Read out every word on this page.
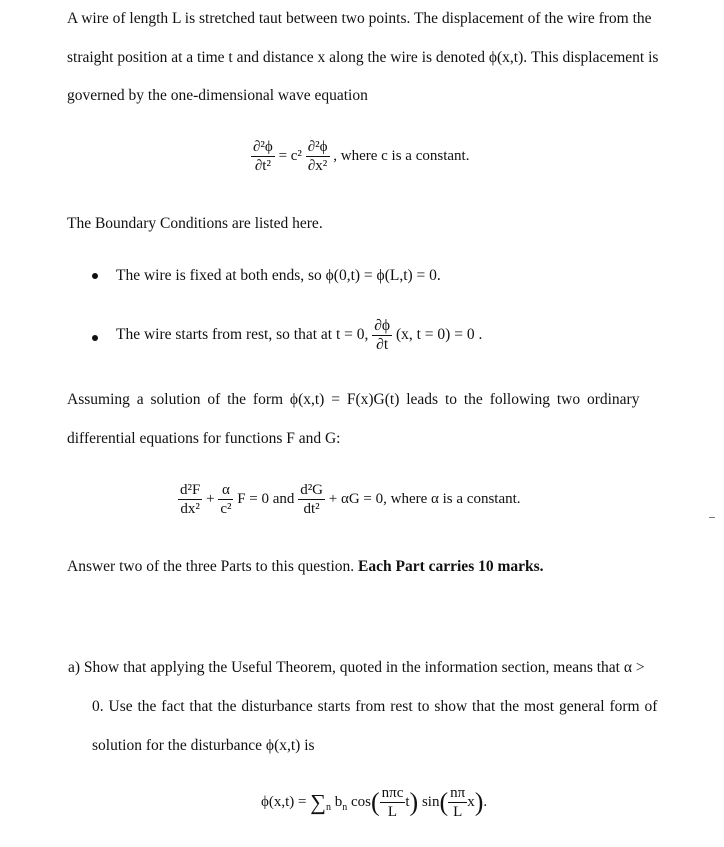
A wire of length L is stretched taut between two points. The displacement of the wire from the
straight position at a time t and distance x along the wire is denoted ϕ(x,t). This displacement is
governed by the one-dimensional wave equation
$\frac{\text{∂²ϕ}}{\text{∂t²}} = c^2 \frac{\text{∂²ϕ}}{\text{∂x²}}$ , where c is a constant.
The Boundary Conditions are listed here.
The wire is fixed at both ends, so ϕ(0,t) = ϕ(L,t) = 0.
The wire starts from rest, so that at t = 0, $\frac{\partial\phi}{\partial t} (x$, t = 0) = 0 .
Assuming a solution of the form ϕ(x,t) = F(x)G(t) leads to the following two ordinary
differential equations for functions F and G:
$\frac{\text{d²F}}{\text{dx²}} + \frac{\alpha}{\text{c²}}$ F = 0 and $\frac{\text{d²G}}{\text{dt²}} + \alpha G = 0$, where α is a constant.
Answer two of the three Parts to this question. Each Part carries 10 marks.
a) Show that applying the Useful Theorem, quoted in the information section, means that α >
0. Use the fact that the disturbance starts from rest to show that the most general form of
solution for the disturbance ϕ(x,t) is
$\phi(x,t) = \sum_n$ $b_n$ $\cos( \frac{\text{nπc}}{L} t)$ $\sin( \frac{n\pi}{L} x)$.
